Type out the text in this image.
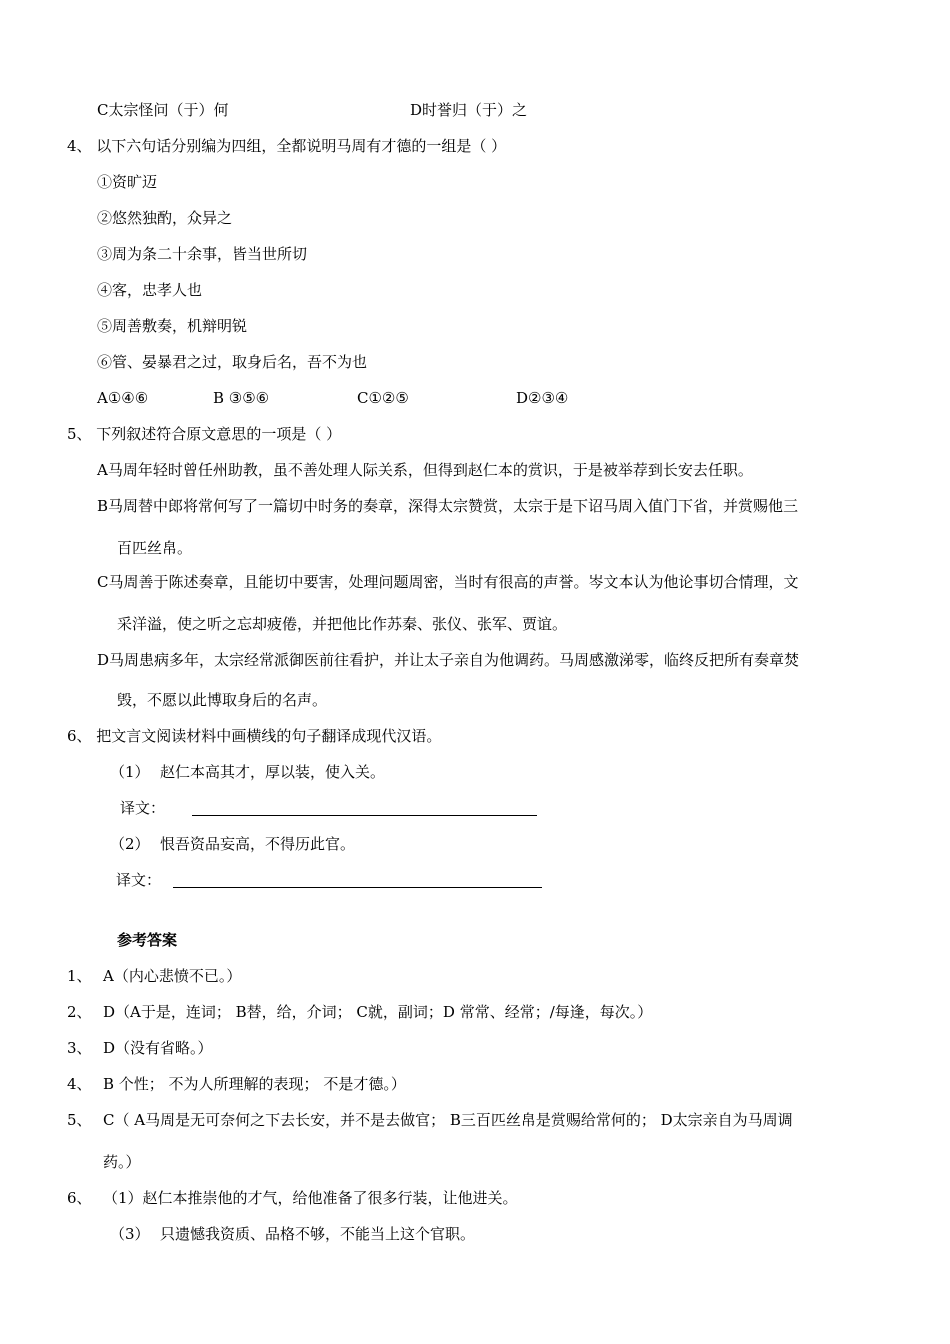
C太宗怪问（于）何	D时誉归（于）之
4、 以下六句话分别编为四组，全都说明马周有才德的一组是（ ）
①资旷迈
②悠然独酌，众异之
③周为条二十余事，皆当世所切
④客，忠孝人也
⑤周善敷奏，机辩明锐
⑥管、晏暴君之过，取身后名，吾不为也
A①④⑥	B ③⑤⑥	C①②⑤	D②③④
5、 下列叙述符合原文意思的一项是（ ）
A马周年轻时曾任州助教，虽不善处理人际关系，但得到赵仁本的赏识，于是被举荐到长安去任职。
B马周替中郎将常何写了一篇切中时务的奏章，深得太宗赞赏，太宗于是下诏马周入值门下省，并赏赐他三
百匹丝帛。
C马周善于陈述奏章，且能切中要害，处理问题周密，当时有很高的声誉。岑文本认为他论事切合情理，文
采洋溢，使之听之忘却疲倦，并把他比作苏秦、张仪、张军、贾谊。
D马周患病多年，太宗经常派御医前往看护，并让太子亲自为他调药。马周感激涕零，临终反把所有奏章焚
毁，不愿以此博取身后的名声。
6、 把文言文阅读材料中画横线的句子翻译成现代汉语。
（1） 赵仁本高其才，厚以装，使入关。
译文：
（2） 恨吾资品妄高，不得历此官。
译文：
参考答案
1、 A（内心悲愤不已。）
2、 D（A于是，连词； B替，给，介词； C就，副词；D 常常、经常；/每逢，每次。）
3、 D（没有省略。）
4、 B 个性； 不为人所理解的表现； 不是才德。）
5、 C（ A马周是无可奈何之下去长安，并不是去做官； B三百匹丝帛是赏赐给常何的； D太宗亲自为马周调
药。）
6、 （1）赵仁本推崇他的才气，给他准备了很多行装，让他进关。
（3） 只遗憾我资质、品格不够，不能当上这个官职。
